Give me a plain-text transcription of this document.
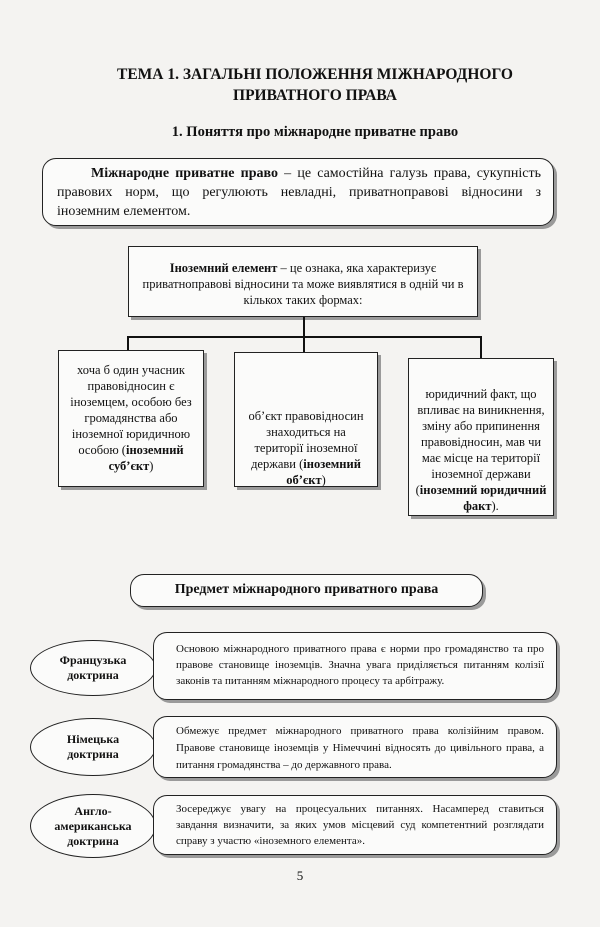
ТЕМА 1. ЗАГАЛЬНІ ПОЛОЖЕННЯ МІЖНАРОДНОГО
ПРИВАТНОГО ПРАВА
1. Поняття про міжнародне приватне право
Міжнародне приватне право – це самостійна галузь права, сукупність правових норм, що регулюють невладні, приватноправові відносини з іноземним елементом.
Іноземний елемент – це ознака, яка характеризує приватноправові відносини та може виявлятися в одній чи в кількох таких формах:
хоча б один учасник правовідносин є іноземцем, особою без громадянства або іноземної юридичною особою (іноземний суб’єкт)
об’єкт правовідносин знаходиться на території іноземної держави (іноземний об’єкт)
юридичний факт, що впливає на виникнення, зміну або припинення правовідносин, мав чи має місце на території іноземної держави (іноземний юридичний факт).
Предмет міжнародного приватного права
Французька доктрина
Основою міжнародного приватного права є норми про громадянство та про правове становище іноземців. Значна увага приділяється питанням колізії законів та питанням міжнародного процесу та арбітражу.
Німецька доктрина
Обмежує предмет міжнародного приватного права колізійним правом. Правове становище іноземців у Німеччині відносять до цивільного права, а питання громадянства – до державного права.
Англо-американська доктрина
Зосереджує увагу на процесуальних питаннях. Насамперед ставиться завдання визначити, за яких умов місцевий суд компетентний розглядати справу з участю «іноземного елемента».
5
